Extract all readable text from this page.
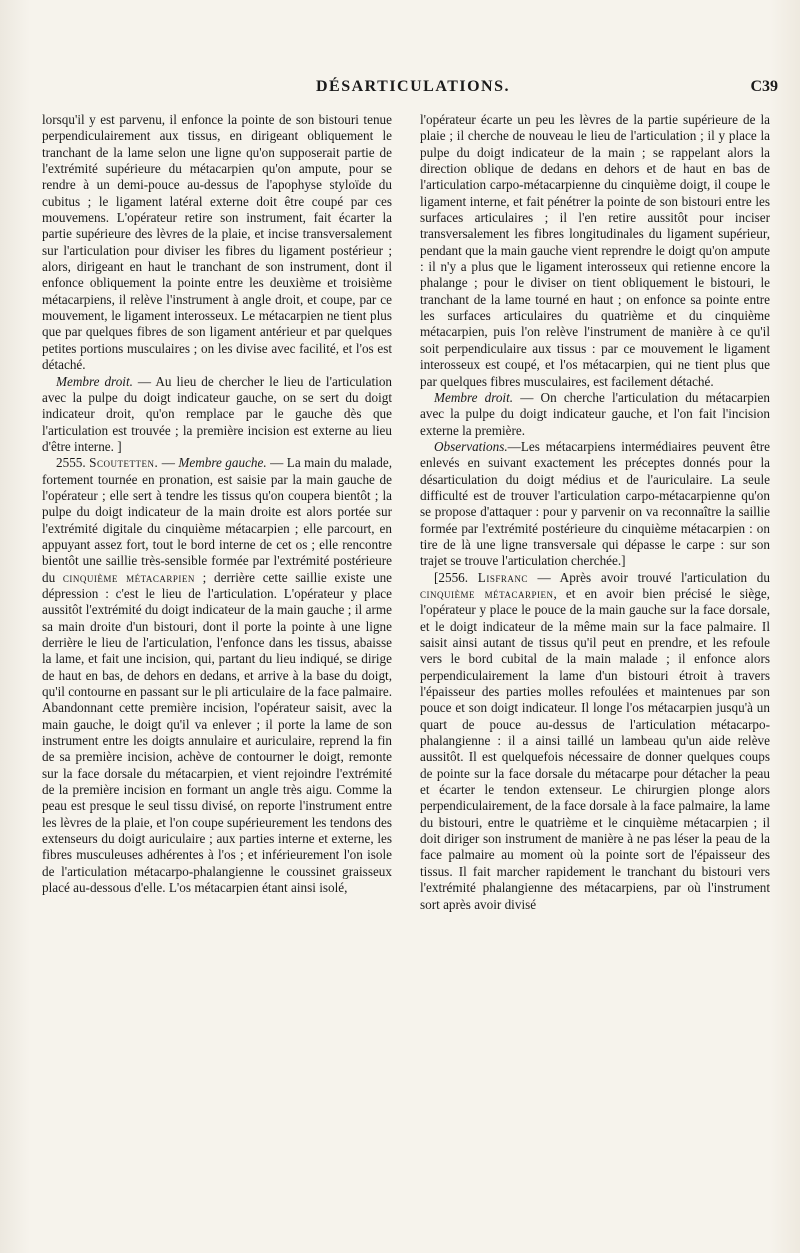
DÉSARTICULATIONS.	C39

lorsqu'il y est parvenu, il enfonce la pointe de son bistouri tenue perpendiculairement aux tissus, en dirigeant obliquement le tranchant de la lame selon une ligne qu'on supposerait partie de l'extrémité supérieure du métacarpien qu'on ampute, pour se rendre à un demi-pouce au-dessus de l'apophyse styloïde du cubitus ; le ligament latéral externe doit être coupé par ces mouvemens. L'opérateur retire son instrument, fait écarter la partie supérieure des lèvres de la plaie, et incise transversalement sur l'articulation pour diviser les fibres du ligament postérieur ; alors, dirigeant en haut le tranchant de son instrument, dont il enfonce obliquement la pointe entre les deuxième et troisième métacarpiens, il relève l'instrument à angle droit, et coupe, par ce mouvement, le ligament interosseux. Le métacarpien ne tient plus que par quelques fibres de son ligament antérieur et par quelques petites portions musculaires ; on les divise avec facilité, et l'os est détaché.

Membre droit. — Au lieu de chercher le lieu de l'articulation avec la pulpe du doigt indicateur gauche, on se sert du doigt indicateur droit, qu'on remplace par le gauche dès que l'articulation est trouvée ; la première incision est externe au lieu d'être interne. ]

2555. Scoutetten. — Membre gauche. — La main du malade, fortement tournée en pronation, est saisie par la main gauche de l'opérateur ; elle sert à tendre les tissus qu'on coupera bientôt ; la pulpe du doigt indicateur de la main droite est alors portée sur l'extrémité digitale du cinquième métacarpien ; elle parcourt, en appuyant assez fort, tout le bord interne de cet os ; elle rencontre bientôt une saillie très-sensible formée par l'extrémité postérieure du cinquième métacarpien ; derrière cette saillie existe une dépression : c'est le lieu de l'articulation. L'opérateur y place aussitôt l'extrémité du doigt indicateur de la main gauche ; il arme sa main droite d'un bistouri, dont il porte la pointe à une ligne derrière le lieu de l'articulation, l'enfonce dans les tissus, abaisse la lame, et fait une incision, qui, partant du lieu indiqué, se dirige de haut en bas, de dehors en dedans, et arrive à la base du doigt, qu'il contourne en passant sur le pli articulaire de la face palmaire. Abandonnant cette première incision, l'opérateur saisit, avec la main gauche, le doigt qu'il va enlever ; il porte la lame de son instrument entre les doigts annulaire et auriculaire, reprend la fin de sa première incision, achève de contourner le doigt, remonte sur la face dorsale du métacarpien, et vient rejoindre l'extrémité de la première incision en formant un angle très aigu. Comme la peau est presque le seul tissu divisé, on reporte l'instrument entre les lèvres de la plaie, et l'on coupe supérieurement les tendons des extenseurs du doigt auriculaire ; aux parties interne et externe, les fibres musculeuses adhérentes à l'os ; et inférieurement l'on isole de l'articulation métacarpo-phalangienne le coussinet graisseux placé au-dessous d'elle. L'os métacarpien étant ainsi isolé,

l'opérateur écarte un peu les lèvres de la partie supérieure de la plaie ; il cherche de nouveau le lieu de l'articulation ; il y place la pulpe du doigt indicateur de la main ; se rappelant alors la direction oblique de dedans en dehors et de haut en bas de l'articulation carpo-métacarpienne du cinquième doigt, il coupe le ligament interne, et fait pénétrer la pointe de son bistouri entre les surfaces articulaires ; il l'en retire aussitôt pour inciser transversalement les fibres longitudinales du ligament supérieur, pendant que la main gauche vient reprendre le doigt qu'on ampute : il n'y a plus que le ligament interosseux qui retienne encore la phalange ; pour le diviser on tient obliquement le bistouri, le tranchant de la lame tourné en haut ; on enfonce sa pointe entre les surfaces articulaires du quatrième et du cinquième métacarpien, puis l'on relève l'instrument de manière à ce qu'il soit perpendiculaire aux tissus : par ce mouvement le ligament interosseux est coupé, et l'os métacarpien, qui ne tient plus que par quelques fibres musculaires, est facilement détaché.

Membre droit. — On cherche l'articulation du métacarpien avec la pulpe du doigt indicateur gauche, et l'on fait l'incision externe la première.

Observations.—Les métacarpiens intermédiaires peuvent être enlevés en suivant exactement les préceptes donnés pour la désarticulation du doigt médius et de l'auriculaire. La seule difficulté est de trouver l'articulation carpo-métacarpienne qu'on se propose d'attaquer : pour y parvenir on va reconnaître la saillie formée par l'extrémité postérieure du cinquième métacarpien : on tire de là une ligne transversale qui dépasse le carpe : sur son trajet se trouve l'articulation cherchée.]

[2556. Lisfranc — Après avoir trouvé l'articulation du cinquième métacarpien, et en avoir bien précisé le siège, l'opérateur y place le pouce de la main gauche sur la face dorsale, et le doigt indicateur de la même main sur la face palmaire. Il saisit ainsi autant de tissus qu'il peut en prendre, et les refoule vers le bord cubital de la main malade ; il enfonce alors perpendiculairement la lame d'un bistouri étroit à travers l'épaisseur des parties molles refoulées et maintenues par son pouce et son doigt indicateur. Il longe l'os métacarpien jusqu'à un quart de pouce au-dessus de l'articulation métacarpo-phalangienne : il a ainsi taillé un lambeau qu'un aide relève aussitôt. Il est quelquefois nécessaire de donner quelques coups de pointe sur la face dorsale du métacarpe pour détacher la peau et écarter le tendon extenseur. Le chirurgien plonge alors perpendiculairement, de la face dorsale à la face palmaire, la lame du bistouri, entre le quatrième et le cinquième métacarpien ; il doit diriger son instrument de manière à ne pas léser la peau de la face palmaire au moment où la pointe sort de l'épaisseur des tissus. Il fait marcher rapidement le tranchant du bistouri vers l'extrémité phalangienne des métacarpiens, par où l'instrument sort après avoir divisé
